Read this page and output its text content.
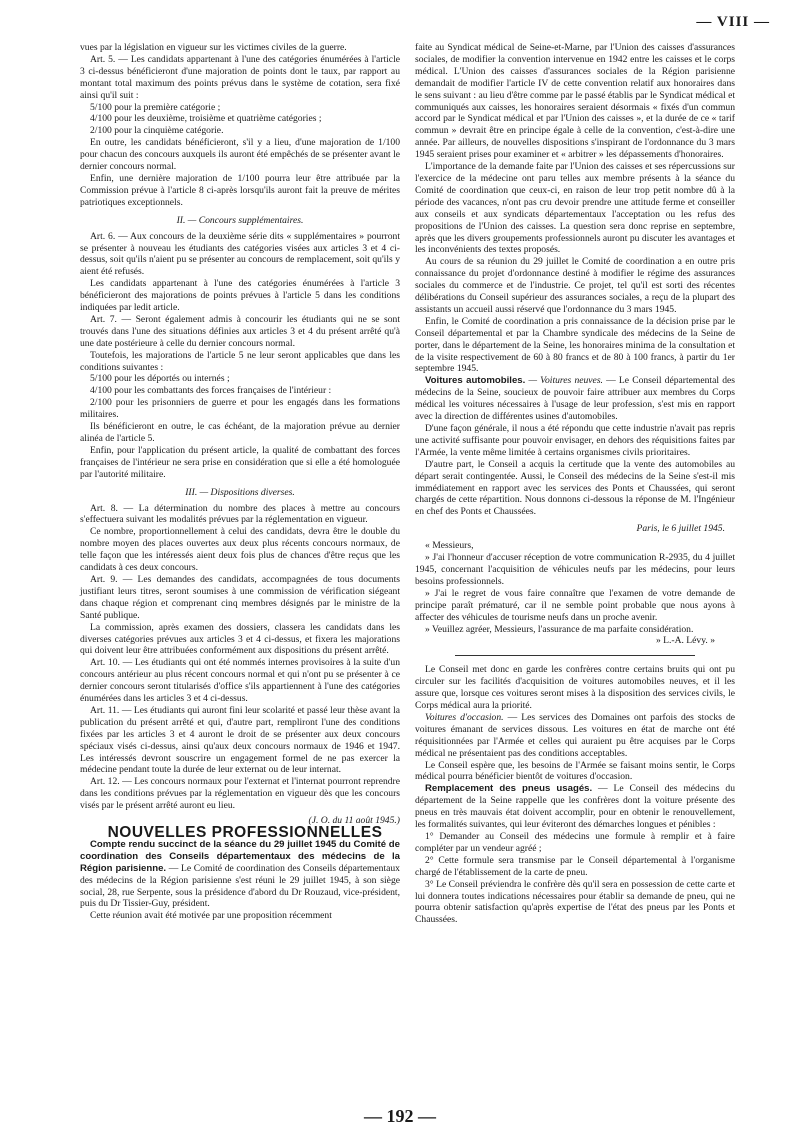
— VIII —

vues par la législation en vigueur sur les victimes civiles de la guerre.

Art. 5. — Les candidats appartenant à l'une des catégories énumérées à l'article 3 ci-dessus bénéficieront d'une majoration de points dont le taux, par rapport au montant total maximum des points prévus dans le système de cotation, sera fixé ainsi qu'il suit :

5/100 pour la première catégorie ;

4/100 pour les deuxième, troisième et quatrième catégories ;

2/100 pour la cinquième catégorie.

En outre, les candidats bénéficieront, s'il y a lieu, d'une majoration de 1/100 pour chacun des concours auxquels ils auront été empêchés de se présenter avant le dernier concours normal.

Enfin, une dernière majoration de 1/100 pourra leur être attribuée par la Commission prévue à l'article 8 ci-après lorsqu'ils auront fait la preuve de mérites patriotiques exceptionnels.

II. — Concours supplémentaires.

Art. 6. — Aux concours de la deuxième série dits « supplémentaires » pourront se présenter à nouveau les étudiants des catégories visées aux articles 3 et 4 ci-dessus, soit qu'ils n'aient pu se présenter au concours de remplacement, soit qu'ils y aient été refusés.

Les candidats appartenant à l'une des catégories énumérées à l'article 3 bénéficieront des majorations de points prévues à l'article 5 dans les conditions indiquées par ledit article.

Art. 7. — Seront également admis à concourir les étudiants qui ne se sont trouvés dans l'une des situations définies aux articles 3 et 4 du présent arrêté qu'à une date postérieure à celle du dernier concours normal.

Toutefois, les majorations de l'article 5 ne leur seront applicables que dans les conditions suivantes :

5/100 pour les déportés ou internés ;

4/100 pour les combattants des forces françaises de l'intérieur :

2/100 pour les prisonniers de guerre et pour les engagés dans les formations militaires.

Ils bénéficieront en outre, le cas échéant, de la majoration prévue au dernier alinéa de l'article 5.

Enfin, pour l'application du présent article, la qualité de combattant des forces françaises de l'intérieur ne sera prise en considération que si elle a été homologuée par l'autorité militaire.

III. — Dispositions diverses.

Art. 8. — La détermination du nombre des places à mettre au concours s'effectuera suivant les modalités prévues par la réglementation en vigueur.

Ce nombre, proportionnellement à celui des candidats, devra être le double du nombre moyen des places ouvertes aux deux plus récents concours normaux, de telle façon que les intéressés aient deux fois plus de chances d'être reçus que les candidats à ces deux concours.

Art. 9. — Les demandes des candidats, accompagnées de tous documents justifiant leurs titres, seront soumises à une commission de vérification siégeant dans chaque région et comprenant cinq membres désignés par le ministre de la Santé publique.

La commission, après examen des dossiers, classera les candidats dans les diverses catégories prévues aux articles 3 et 4 ci-dessus, et fixera les majorations qui doivent leur être attribuées conformément aux dispositions du présent arrêté.

Art. 10. — Les étudiants qui ont été nommés internes provisoires à la suite d'un concours antérieur au plus récent concours normal et qui n'ont pu se présenter à ce dernier concours seront titularisés d'office s'ils appartiennent à l'une des catégories énumérées dans les articles 3 et 4 ci-dessus.

Art. 11. — Les étudiants qui auront fini leur scolarité et passé leur thèse avant la publication du présent arrêté et qui, d'autre part, rempliront l'une des conditions fixées par les articles 3 et 4 auront le droit de se présenter aux deux concours spéciaux visés ci-dessus, ainsi qu'aux deux concours normaux de 1946 et 1947. Les intéressés devront souscrire un engagement formel de ne pas exercer la médecine pendant toute la durée de leur externat ou de leur internat.

Art. 12. — Les concours normaux pour l'externat et l'internat pourront reprendre dans les conditions prévues par la réglementation en vigueur dès que les concours visés par le présent arrêté auront eu lieu.

(J. O. du 11 août 1945.)

NOUVELLES PROFESSIONNELLES

Compte rendu succinct de la séance du 29 juillet 1945 du Comité de coordination des Conseils départementaux des médecins de la Région parisienne. — Le Comité de coordination des Conseils départementaux des médecins de la Région parisienne s'est réuni le 29 juillet 1945, à son siège social, 28, rue Serpente, sous la présidence d'abord du Dr Rouzaud, vice-président, puis du Dr Tissier-Guy, président.

Cette réunion avait été motivée par une proposition récemment

faite au Syndicat médical de Seine-et-Marne, par l'Union des caisses d'assurances sociales, de modifier la convention intervenue en 1942 entre les caisses et le corps médical. L'Union des caisses d'assurances sociales de la Région parisienne demandait de modifier l'article IV de cette convention relatif aux honoraires dans le sens suivant : au lieu d'être comme par le passé établis par le Syndicat médical et communiqués aux caisses, les honoraires seraient désormais « fixés d'un commun accord par le Syndicat médical et par l'Union des caisses », et la durée de ce « tarif commun » devrait être en principe égale à celle de la convention, c'est-à-dire une année. Par ailleurs, de nouvelles dispositions s'inspirant de l'ordonnance du 3 mars 1945 seraient prises pour examiner et « arbitrer » les dépassements d'honoraires.

L'importance de la demande faite par l'Union des caisses et ses répercussions sur l'exercice de la médecine ont paru telles aux membre présents à la séance du Comité de coordination que ceux-ci, en raison de leur trop petit nombre dû à la période des vacances, n'ont pas cru devoir prendre une attitude ferme et conseiller aux conseils et aux syndicats départementaux l'acceptation ou les refus des propositions de l'Union des caisses. La question sera donc reprise en septembre, après que les divers groupements professionnels auront pu discuter les avantages et les inconvénients des textes proposés.

Au cours de sa réunion du 29 juillet le Comité de coordination a en outre pris connaissance du projet d'ordonnance destiné à modifier le régime des assurances sociales du commerce et de l'industrie. Ce projet, tel qu'il est sorti des récentes délibérations du Conseil supérieur des assurances sociales, a reçu de la plupart des assistants un accueil aussi réservé que l'ordonnance du 3 mars 1945.

Enfin, le Comité de coordination a pris connaissance de la décision prise par le Conseil départemental et par la Chambre syndicale des médecins de la Seine de porter, dans le département de la Seine, les honoraires minima de la consultation et de la visite respectivement de 60 à 80 francs et de 80 à 100 francs, à partir du 1er septembre 1945.

Voitures automobiles. — Voitures neuves. — Le Conseil départemental des médecins de la Seine, soucieux de pouvoir faire attribuer aux membres du Corps médical les voitures nécessaires à l'usage de leur profession, s'est mis en rapport avec la direction de différentes usines d'automobiles.

D'une façon générale, il nous a été répondu que cette industrie n'avait pas repris une activité suffisante pour pouvoir envisager, en dehors des réquisitions faites par l'Armée, la vente même limitée à certains organismes civils prioritaires.

D'autre part, le Conseil a acquis la certitude que la vente des automobiles au départ serait contingentée. Aussi, le Conseil des médecins de la Seine s'est-il mis immédiatement en rapport avec les services des Ponts et Chaussées, qui seront chargés de cette répartition. Nous donnons ci-dessous la réponse de M. l'Ingénieur en chef des Ponts et Chaussées.

Paris, le 6 juillet 1945.

« Messieurs,

» J'ai l'honneur d'accuser réception de votre communication R-2935, du 4 juillet 1945, concernant l'acquisition de véhicules neufs par les médecins, pour leurs besoins professionnels.

» J'ai le regret de vous faire connaître que l'examen de votre demande de principe paraît prématuré, car il ne semble point probable que nous ayons à affecter des véhicules de tourisme neufs dans un proche avenir.

» Veuillez agréer, Messieurs, l'assurance de ma parfaite considération.

» L.-A. Lévy. »

Le Conseil met donc en garde les confrères contre certains bruits qui ont pu circuler sur les facilités d'acquisition de voitures automobiles neuves, et il les assure que, lorsque ces voitures seront mises à la disposition des services civils, le Corps médical aura la priorité.

Voitures d'occasion. — Les services des Domaines ont parfois des stocks de voitures émanant de services dissous. Les voitures en état de marche ont été réquisitionnées par l'Armée et celles qui auraient pu être acquises par le Corps médical ne présentaient pas des conditions acceptables.

Le Conseil espère que, les besoins de l'Armée se faisant moins sentir, le Corps médical pourra bénéficier bientôt de voitures d'occasion.

Remplacement des pneus usagés. — Le Conseil des médecins du département de la Seine rappelle que les confrères dont la voiture présente des pneus en très mauvais état doivent accomplir, pour en obtenir le renouvellement, les formalités suivantes, qui leur éviteront des démarches longues et pénibles :

1° Demander au Conseil des médecins une formule à remplir et à faire compléter par un vendeur agréé ;

2° Cette formule sera transmise par le Conseil départemental à l'organisme chargé de l'établissement de la carte de pneu.

3° Le Conseil préviendra le confrère dès qu'il sera en possession de cette carte et lui donnera toutes indications nécessaires pour établir sa demande de pneu, qui ne pourra obtenir satisfaction qu'après expertise de l'état des pneus par les Ponts et Chaussées.

— 192 —
